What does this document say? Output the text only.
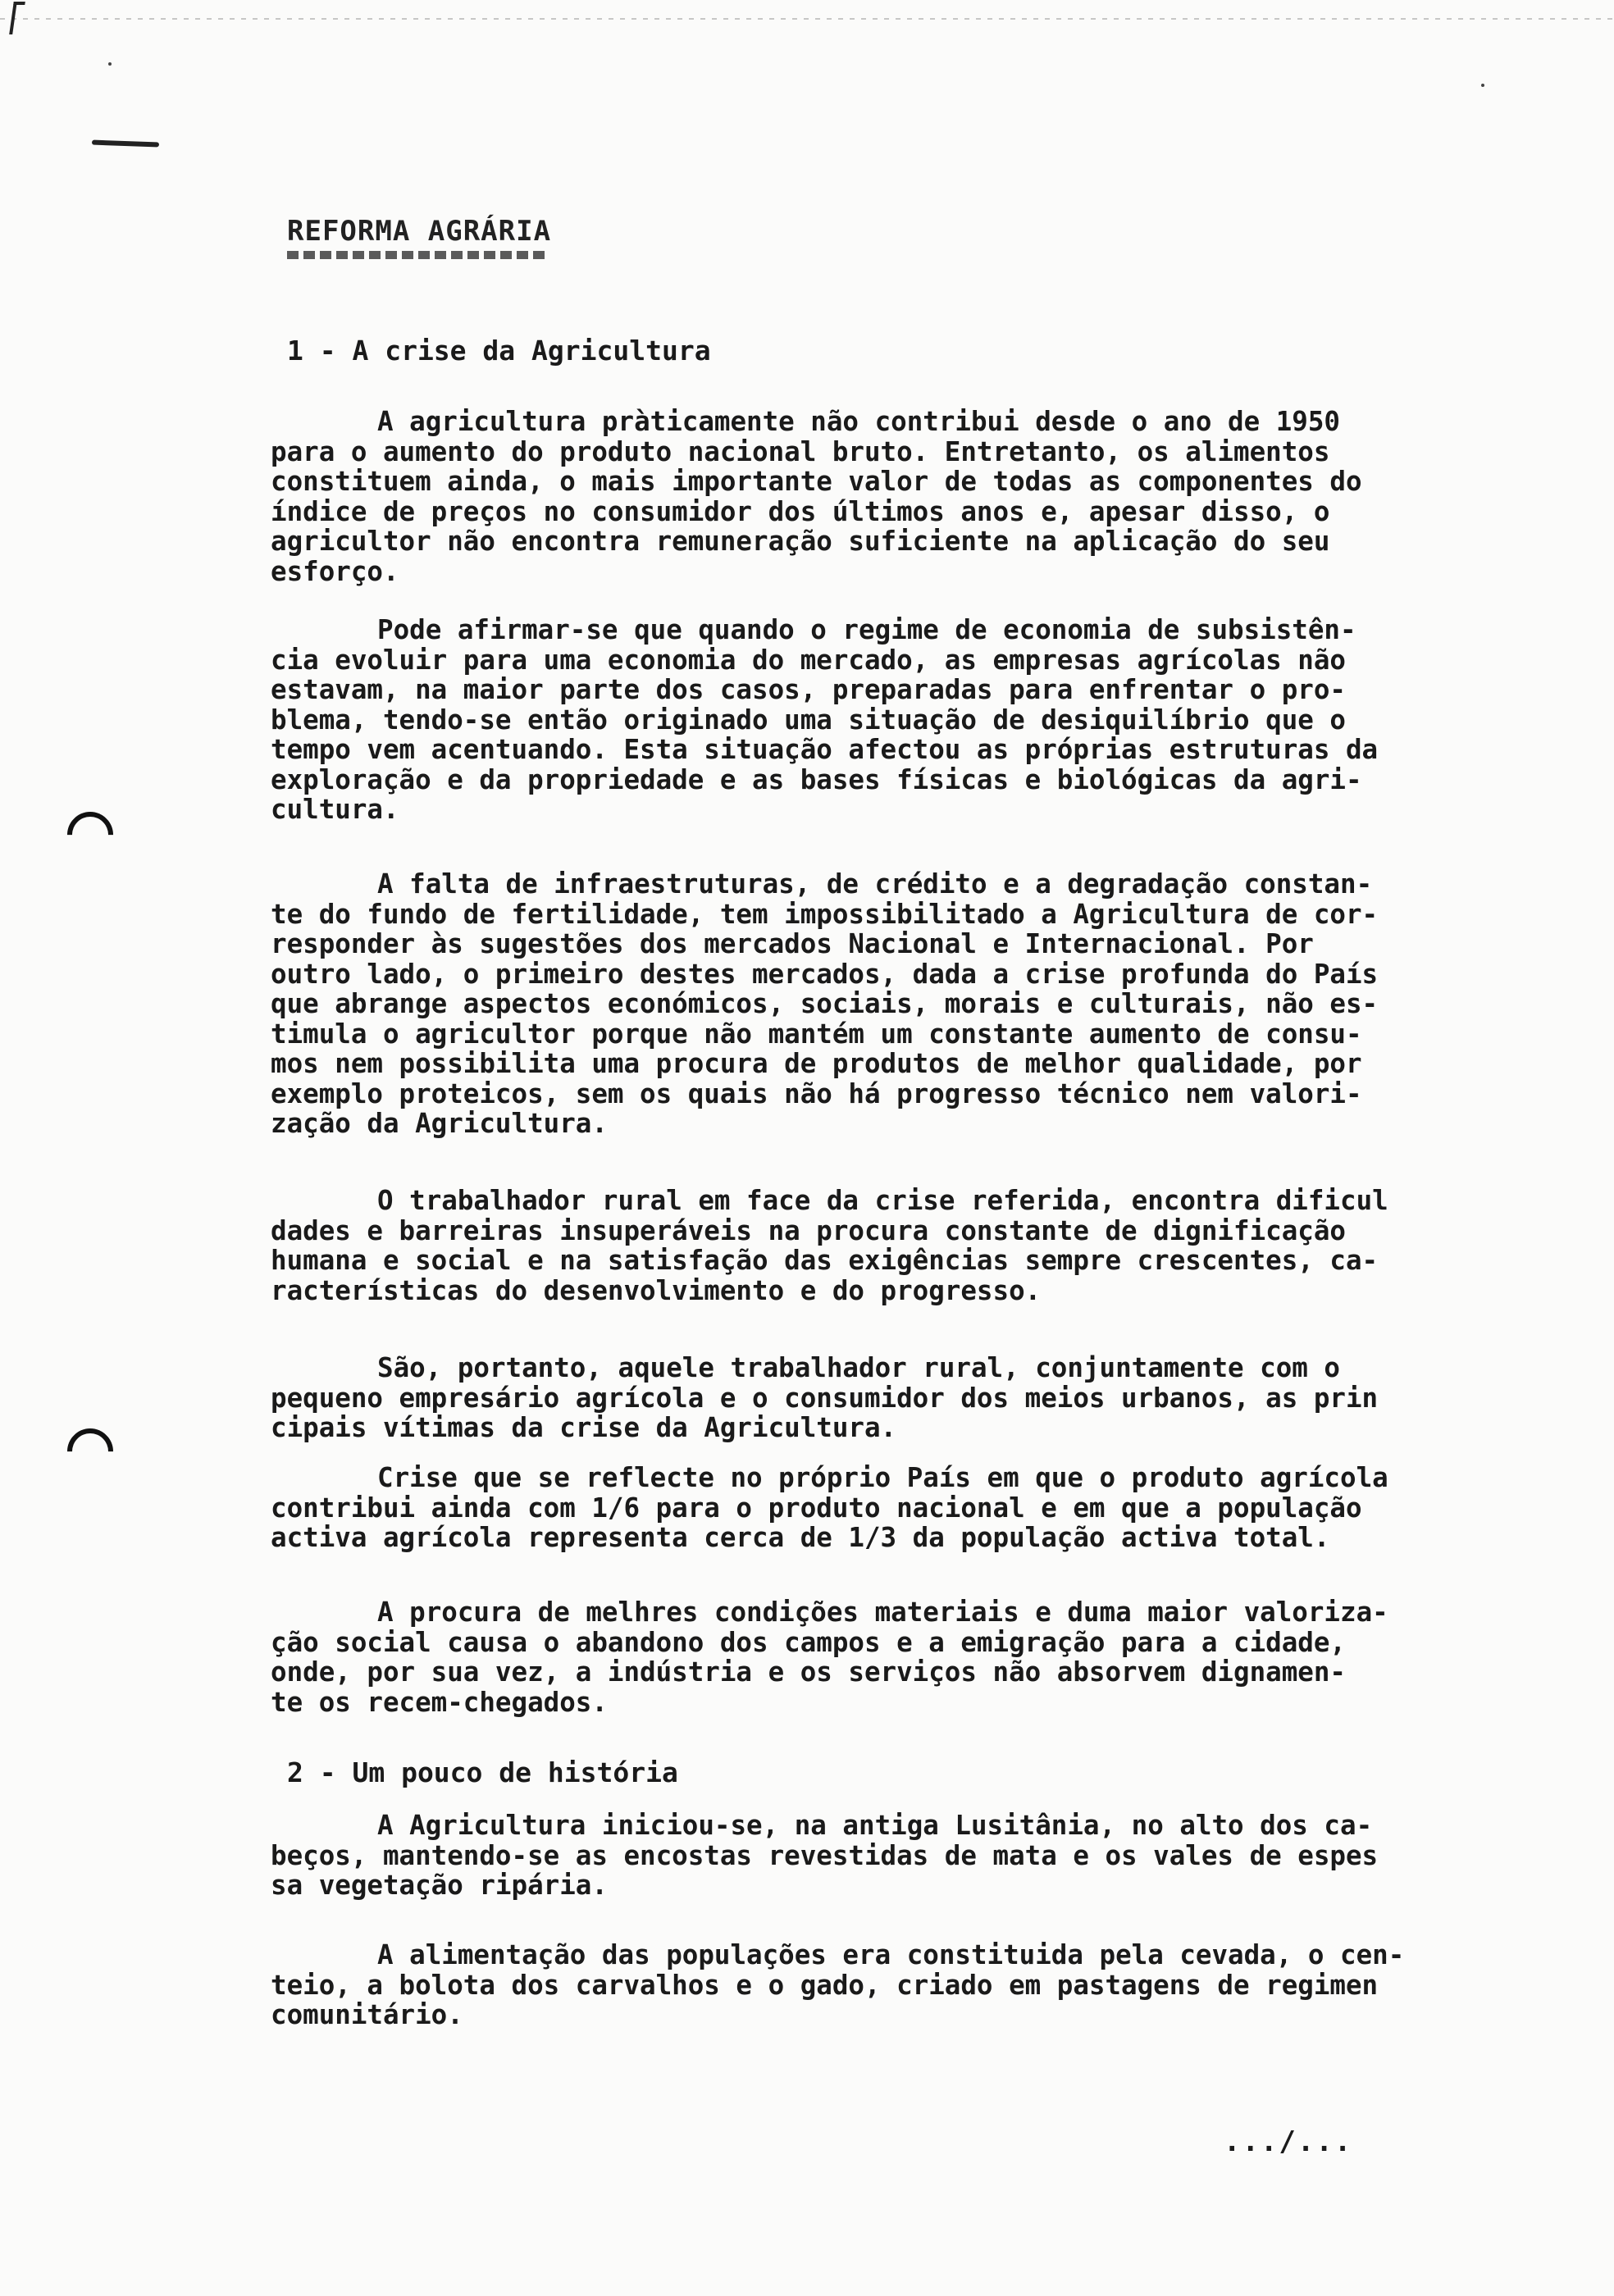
REFORMA AGRÁRIA
1 - A crise da Agricultura
A agricultura pràticamente não contribui desde o ano de 1950
para o aumento do produto nacional bruto. Entretanto, os alimentos
constituem ainda, o mais importante valor de todas as componentes do
índice de preços no consumidor dos últimos anos e, apesar disso, o
agricultor não encontra remuneração suficiente na aplicação do seu
esforço.
Pode afirmar-se que quando o regime de economia de subsistên-
cia evoluir para uma economia do mercado, as empresas agrícolas não
estavam, na maior parte dos casos, preparadas para enfrentar o pro-
blema, tendo-se então originado uma situação de desiquilíbrio que o
tempo vem acentuando. Esta situação afectou as próprias estruturas da
exploração e da propriedade e as bases físicas e biológicas da agri-
cultura.
A falta de infraestruturas, de crédito e a degradação constan-
te do fundo de fertilidade, tem impossibilitado a Agricultura de cor-
responder às sugestões dos mercados Nacional e Internacional. Por
outro lado, o primeiro destes mercados, dada a crise profunda do País
que abrange aspectos económicos, sociais, morais e culturais, não es-
timula o agricultor porque não mantém um constante aumento de consu-
mos nem possibilita uma procura de produtos de melhor qualidade, por
exemplo proteicos, sem os quais não há progresso técnico nem valori-
zação da Agricultura.
O trabalhador rural em face da crise referida, encontra dificul
dades e barreiras insuperáveis na procura constante de dignificação
humana e social e na satisfação das exigências sempre crescentes, ca-
racterísticas do desenvolvimento e do progresso.
São, portanto, aquele trabalhador rural, conjuntamente com o
pequeno empresário agrícola e o consumidor dos meios urbanos, as prin
cipais vítimas da crise da Agricultura.
Crise que se reflecte no próprio País em que o produto agrícola
contribui ainda com 1/6 para o produto nacional e em que a população
activa agrícola representa cerca de 1/3 da população activa total.
A procura de melhres condições materiais e duma maior valoriza-
ção social causa o abandono dos campos e a emigração para a cidade,
onde, por sua vez, a indústria e os serviços não absorvem dignamen-
te os recem-chegados.
2 - Um pouco de história
A Agricultura iniciou-se, na antiga Lusitânia, no alto dos ca-
beços, mantendo-se as encostas revestidas de mata e os vales de espes
sa vegetação ripária.
A alimentação das populações era constituida pela cevada, o cen-
teio, a bolota dos carvalhos e o gado, criado em pastagens de regimen
comunitário.
.../...
